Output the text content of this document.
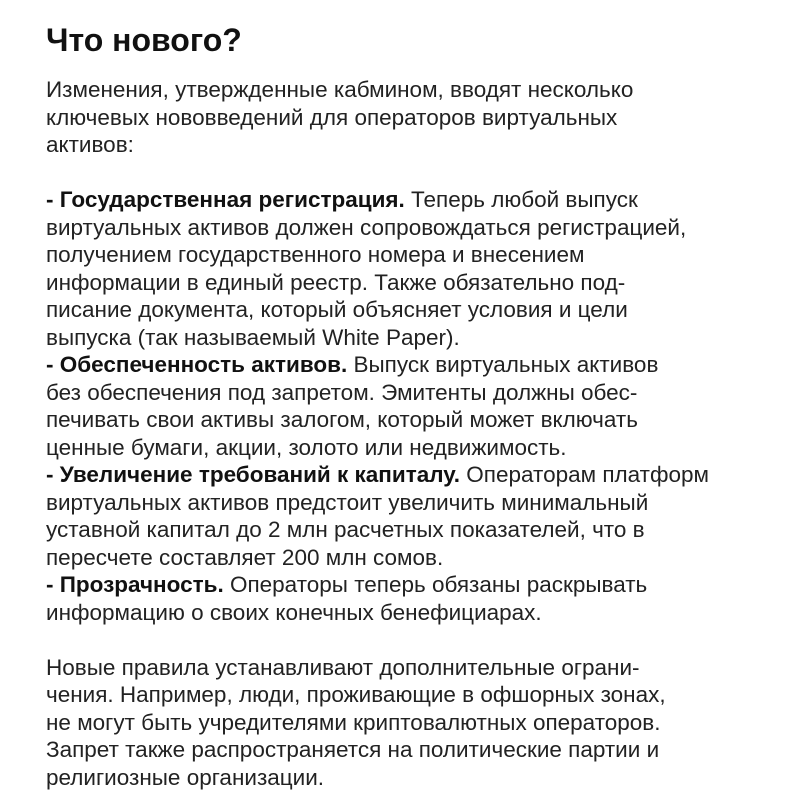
Что нового?
Изменения, утвержденные кабмином, вводят несколько
ключевых нововведений для операторов виртуальных
активов:
- Государственная регистрация. Теперь любой выпуск
виртуальных активов должен сопровождаться регистрацией,
получением государственного номера и внесением
информации в единый реестр. Также обязательно под-
писание документа, который объясняет условия и цели
выпуска (так называемый White Paper).
- Обеспеченность активов. Выпуск виртуальных активов
без обеспечения под запретом. Эмитенты должны обес-
печивать свои активы залогом, который может включать
ценные бумаги, акции, золото или недвижимость.
- Увеличение требований к капиталу. Операторам платформ
виртуальных активов предстоит увеличить минимальный
уставной капитал до 2 млн расчетных показателей, что в
пересчете составляет 200 млн сомов.
- Прозрачность. Операторы теперь обязаны раскрывать
информацию о своих конечных бенефициарах.
Новые правила устанавливают дополнительные ограни-
чения. Например, люди, проживающие в офшорных зонах,
не могут быть учредителями криптовалютных операторов.
Запрет также распространяется на политические партии и
религиозные организации.
